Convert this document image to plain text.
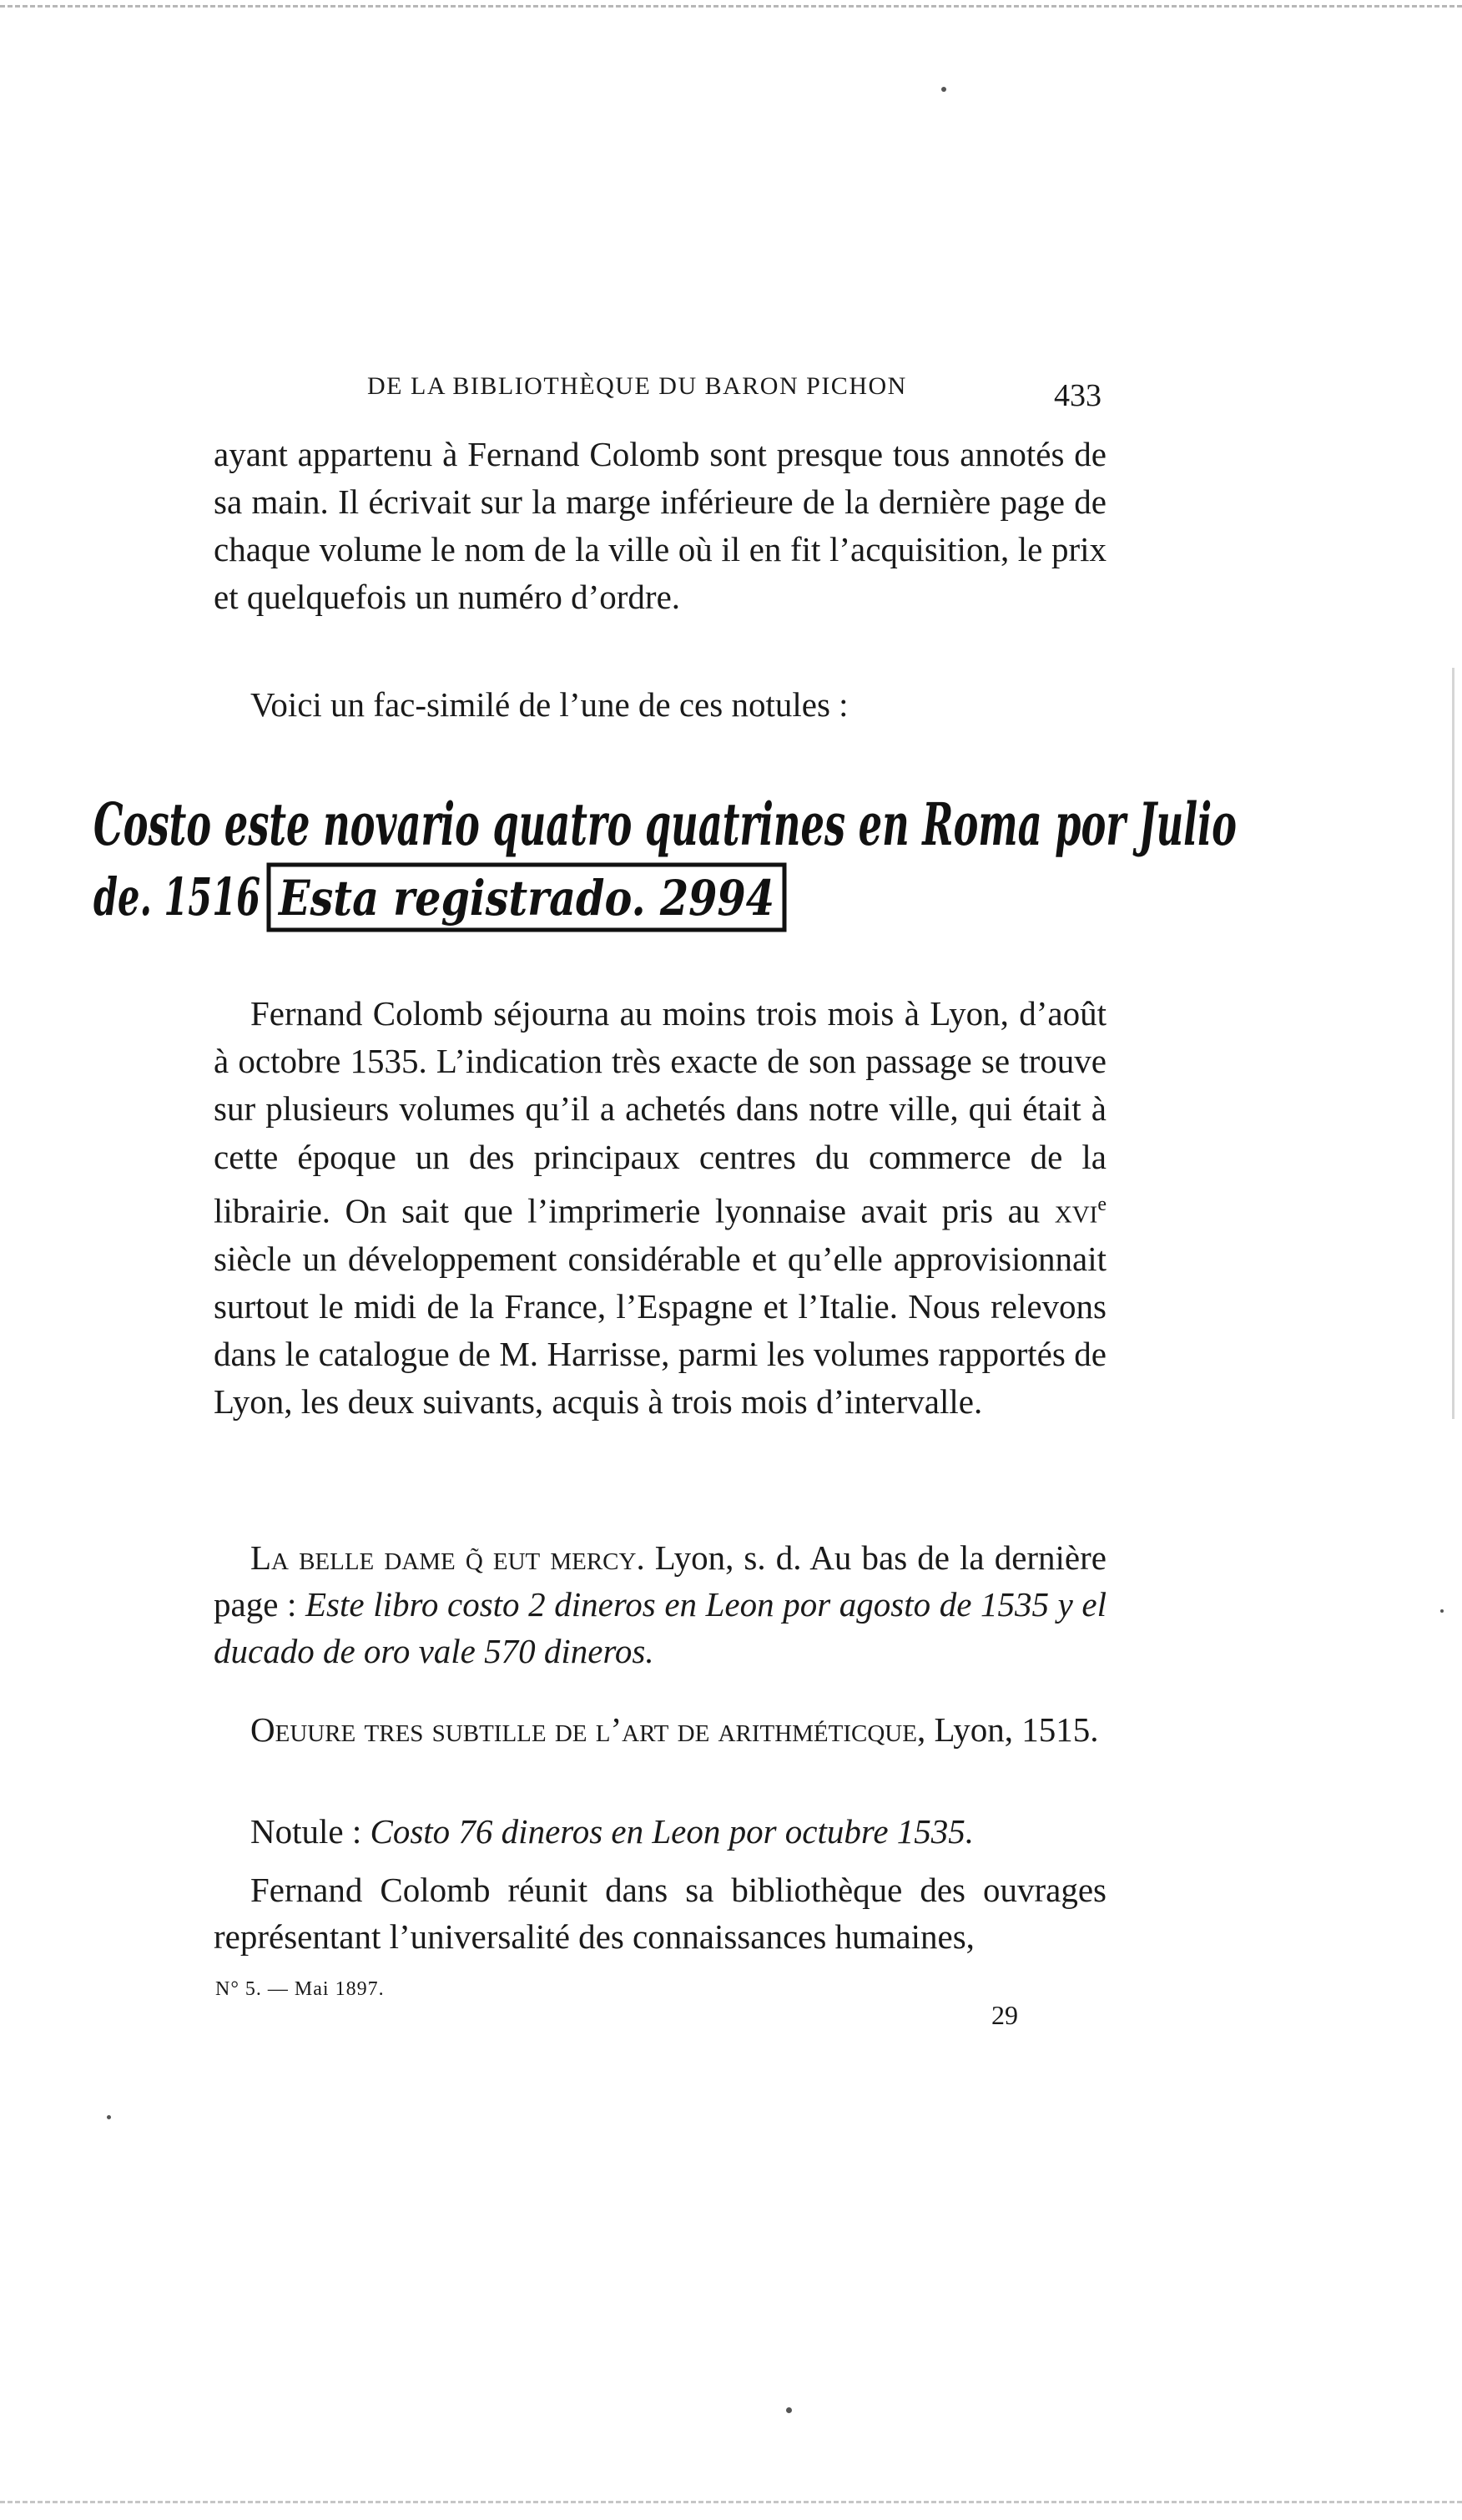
DE LA BIBLIOTHÈQUE DU BARON PICHON	433

ayant appartenu à Fernand Colomb sont presque tous annotés de sa main. Il écrivait sur la marge inférieure de la dernière page de chaque volume le nom de la ville où il en fit l’acquisition, le prix et quelquefois un numéro d’ordre.

Voici un fac-similé de l’une de ces notules :

Costo este novario quatro quatrines en Roma por Julio
de. 1516 Esta registrado. 2994

Fernand Colomb séjourna au moins trois mois à Lyon, d’août à octobre 1535. L’indication très exacte de son passage se trouve sur plusieurs volumes qu’il a achetés dans notre ville, qui était à cette époque un des principaux centres du commerce de la librairie. On sait que l’imprimerie lyonnaise avait pris au xvi$^e$ siècle un développement considérable et qu’elle approvisionnait surtout le midi de la France, l’Espagne et l’Italie. Nous relevons dans le catalogue de M. Harrisse, parmi les volumes rapportés de Lyon, les deux suivants, acquis à trois mois d’intervalle.

La belle dame q̃ eut mercy. Lyon, s. d. Au bas de la dernière page : Este libro costo 2 dineros en Leon por agosto de 1535 y el ducado de oro vale 570 dineros.

Oeuure tres subtille de l’art de arithméticque, Lyon, 1515.

Notule : Costo 76 dineros en Leon por octubre 1535.

Fernand Colomb réunit dans sa bibliothèque des ouvrages représentant l’universalité des connaissances humaines,

N° 5. — Mai 1897.
29
